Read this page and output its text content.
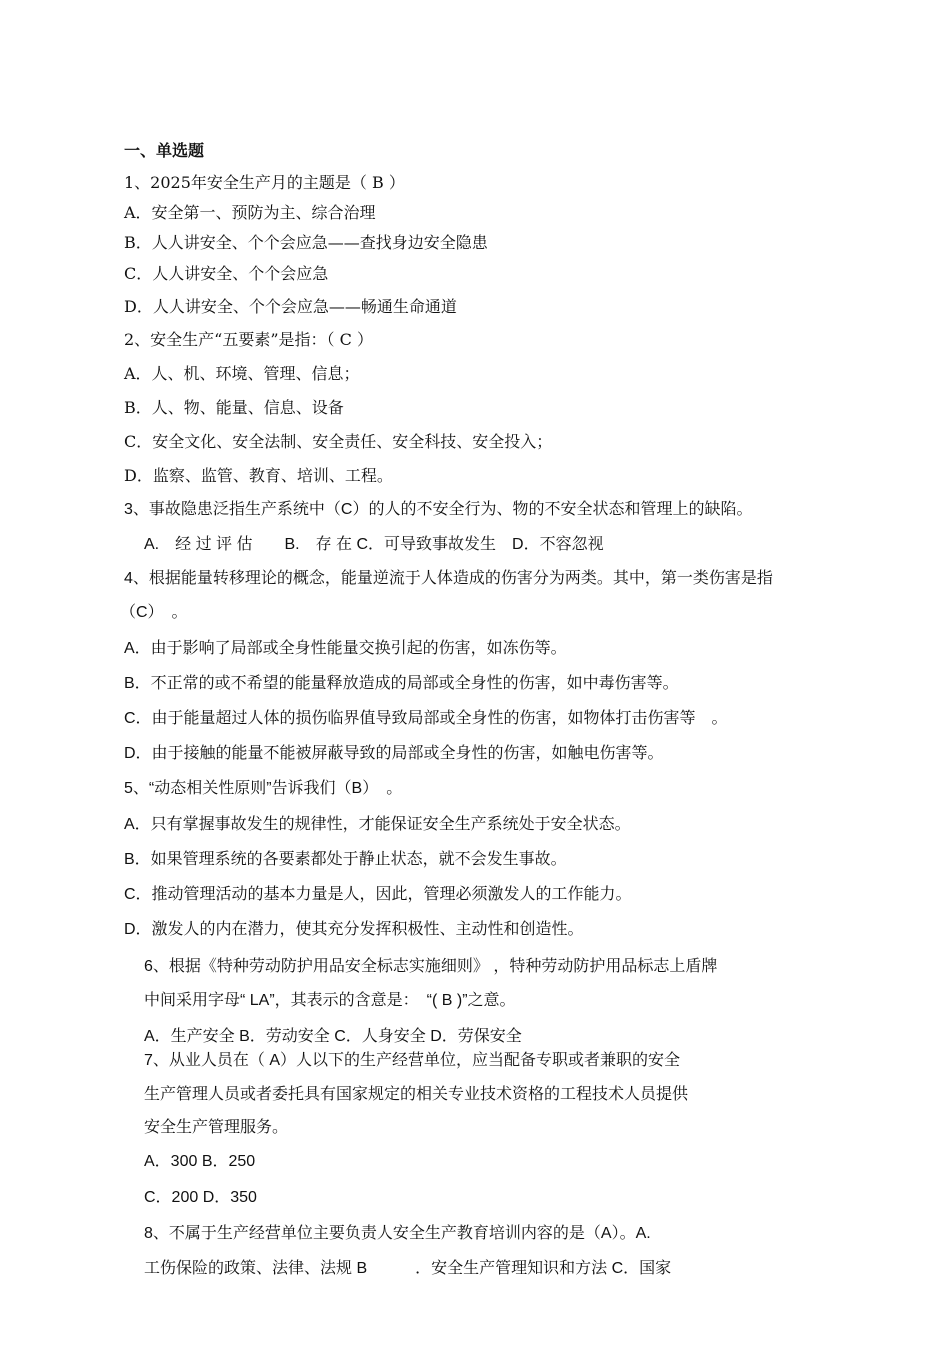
一、单选题
1、2025年安全生产月的主题是（ B ）
A．安全第一、预防为主、综合治理
B．人人讲安全、个个会应急——查找身边安全隐患
C．人人讲安全、个个会应急
D．人人讲安全、个个会应急——畅通生命通道
2、安全生产“五要素”是指：（ C ）
A．人、机、环境、管理、信息；
B．人、物、能量、信息、设备
C．安全文化、安全法制、安全责任、安全科技、安全投入；
D．监察、监管、教育、培训、工程。
3、事故隐患泛指生产系统中（C）的人的不安全行为、物的不安全状态和管理上的缺陷。
A.　经 过 评 估　　B.　存 在 C．可导致事故发生　D．不容忽视
4、根据能量转移理论的概念，能量逆流于人体造成的伤害分为两类。其中，第一类伤害是指
（C）　。
A．由于影响了局部或全身性能量交换引起的伤害，如冻伤等。
B．不正常的或不希望的能量释放造成的局部或全身性的伤害，如中毒伤害等。
C．由于能量超过人体的损伤临界值导致局部或全身性的伤害，如物体打击伤害等　。
D．由于接触的能量不能被屏蔽导致的局部或全身性的伤害，如触电伤害等。
5、“动态相关性原则”告诉我们（B）　。
A．只有掌握事故发生的规律性，才能保证安全生产系统处于安全状态。
B．如果管理系统的各要素都处于静止状态，就不会发生事故。
C．推动管理活动的基本力量是人，因此，管理必须激发人的工作能力。
D．激发人的内在潜力，使其充分发挥积极性、主动性和创造性。
6、根据《特种劳动防护用品安全标志实施细则》 ，特种劳动防护用品标志上盾牌
中间采用字母“ LA”，其表示的含意是：　“( B )”之意。
A．生产安全 B．劳动安全 C．人身安全 D．劳保安全
7、从业人员在（ A）人以下的生产经营单位，应当配备专职或者兼职的安全
生产管理人员或者委托具有国家规定的相关专业技术资格的工程技术人员提供
安全生产管理服务。
A．300 B．250
C．200 D．350
8、不属于生产经营单位主要负责人安全生产教育培训内容的是（A）。A.
工伤保险的政策、法律、法规 B　　　．安全生产管理知识和方法 C．国家
